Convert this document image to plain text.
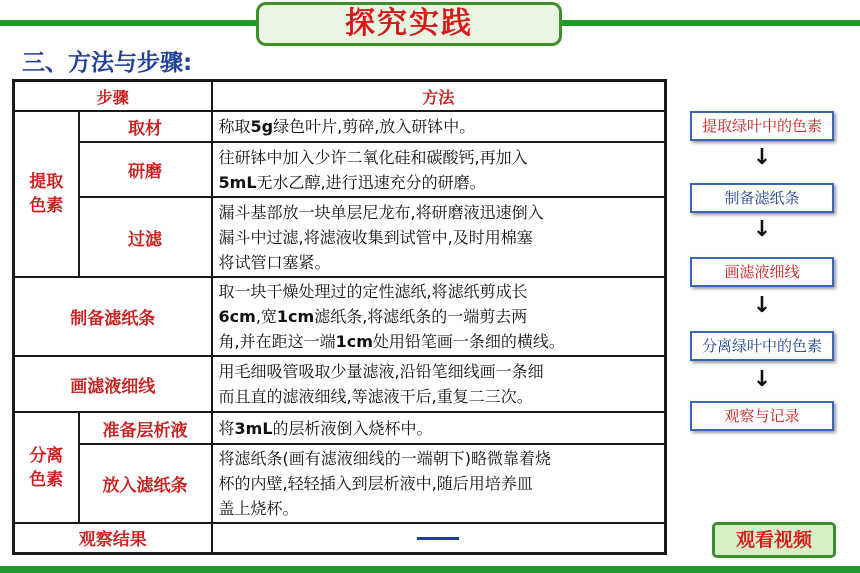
探究实践
三、方法与步骤:
步骤		方法
提取
色素	取材	称取5g绿色叶片,剪碎,放入研钵中。
	研磨	往研钵中加入少许二氧化硅和碳酸钙,再加入
5mL无水乙醇,进行迅速充分的研磨。
	过滤	漏斗基部放一块单层尼龙布,将研磨液迅速倒入
漏斗中过滤,将滤液收集到试管中,及时用棉塞
将试管口塞紧。
制备滤纸条		取一块干燥处理过的定性滤纸,将滤纸剪成长
6cm,宽1cm滤纸条,将滤纸条的一端剪去两
角,并在距这一端1cm处用铅笔画一条细的横线。
画滤液细线		用毛细吸管吸取少量滤液,沿铅笔细线画一条细
而且直的滤液细线,等滤液干后,重复二三次。
分离
色素	准备层析液	将3mL的层析液倒入烧杯中。
	放入滤纸条	将滤纸条(画有滤液细线的一端朝下)略微靠着烧
杯的内壁,轻轻插入到层析液中,随后用培养皿
盖上烧杯。
观察结果		
提取绿叶中的色素
↓
制备滤纸条
↓
画滤液细线
↓
分离绿叶中的色素
↓
观察与记录
观看视频
